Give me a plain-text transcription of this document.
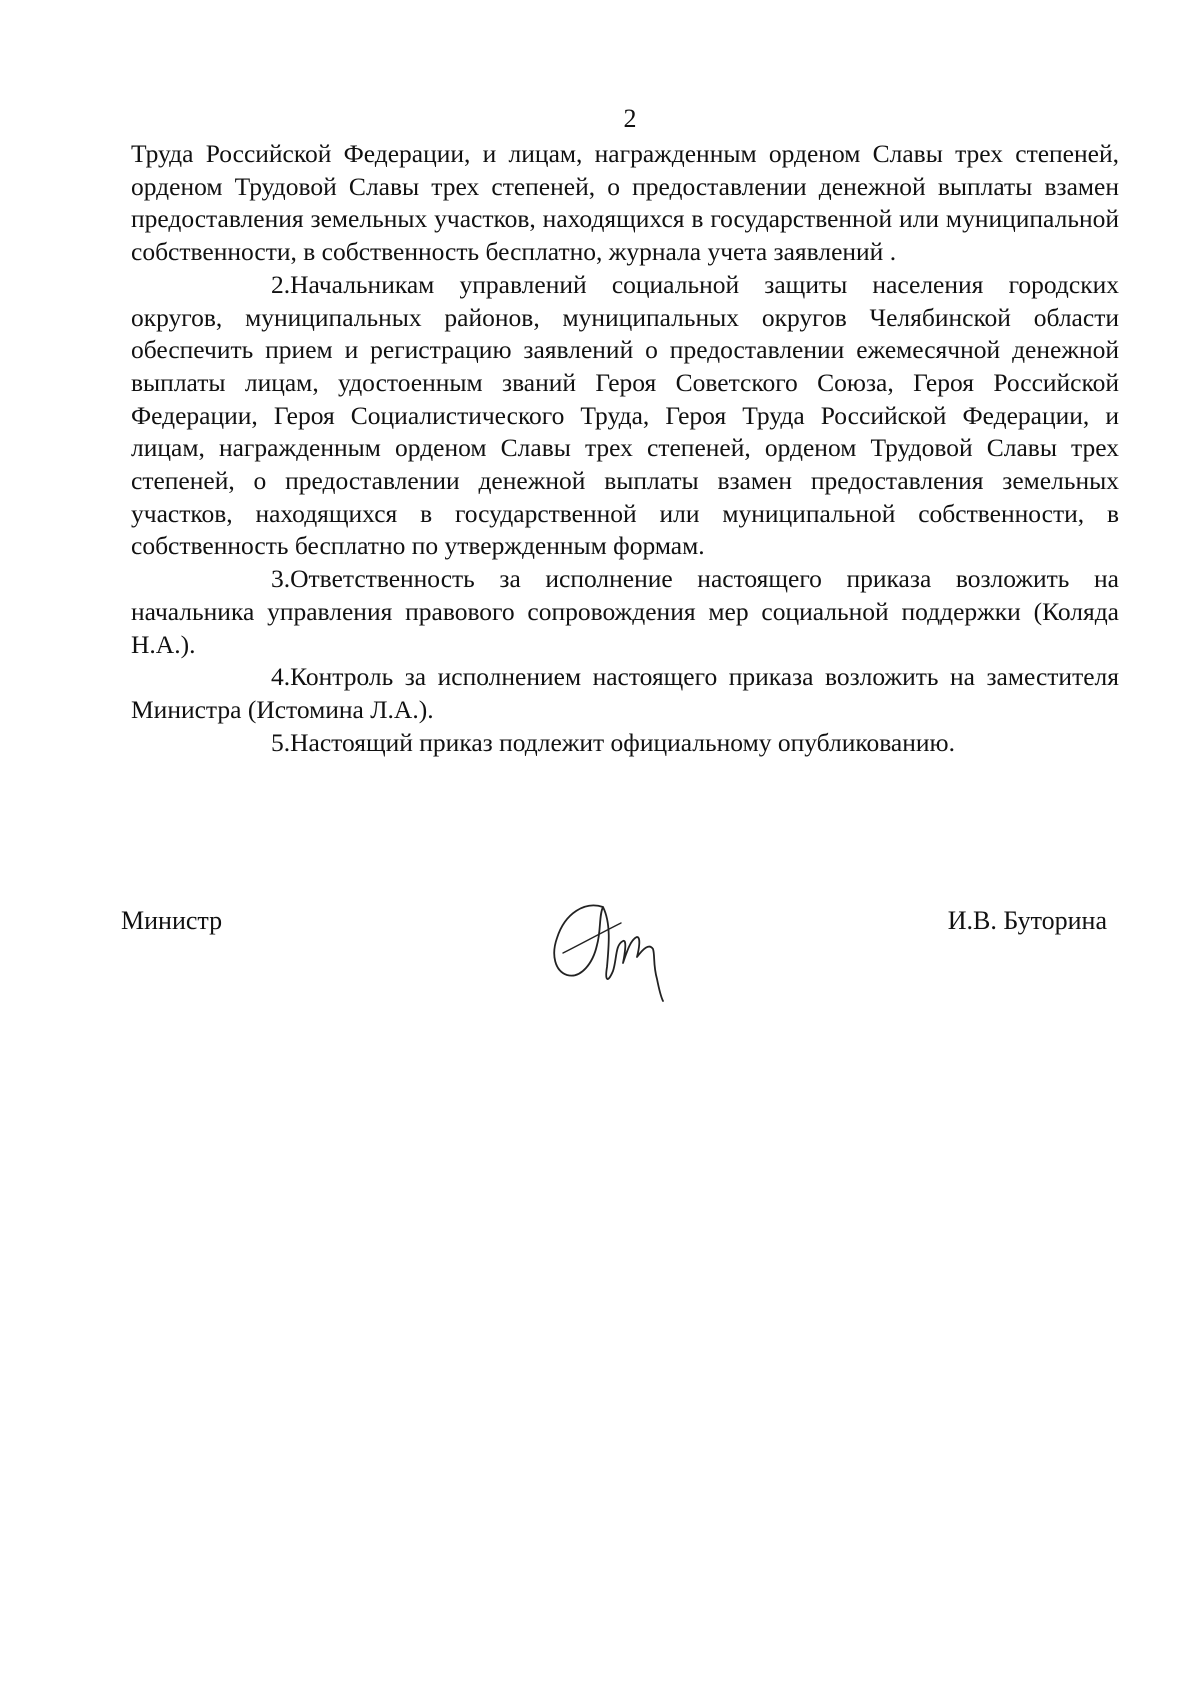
2

Труда Российской Федерации, и лицам, награжденным орденом Славы трех степеней, орденом Трудовой Славы трех степеней, о предоставлении денежной выплаты взамен предоставления земельных участков, находящихся в государственной или муниципальной собственности, в собственность бесплатно, журнала учета заявлений .

2.Начальникам управлений социальной защиты населения городских округов, муниципальных районов, муниципальных округов Челябинской области обеспечить прием и регистрацию заявлений о предоставлении ежемесячной денежной выплаты лицам, удостоенным званий Героя Советского Союза, Героя Российской Федерации, Героя Социалистического Труда, Героя Труда Российской Федерации, и лицам, награжденным орденом Славы трех степеней, орденом Трудовой Славы трех степеней, о предоставлении денежной выплаты взамен предоставления земельных участков, находящихся в государственной или муниципальной собственности, в собственность бесплатно по утвержденным формам.

3.Ответственность за исполнение настоящего приказа возложить на начальника управления правового сопровождения мер социальной поддержки (Коляда Н.А.).

4.Контроль за исполнением настоящего приказа возложить на заместителя Министра (Истомина Л.А.).

5.Настоящий приказ подлежит официальному опубликованию.

Министр	И.В. Буторина
